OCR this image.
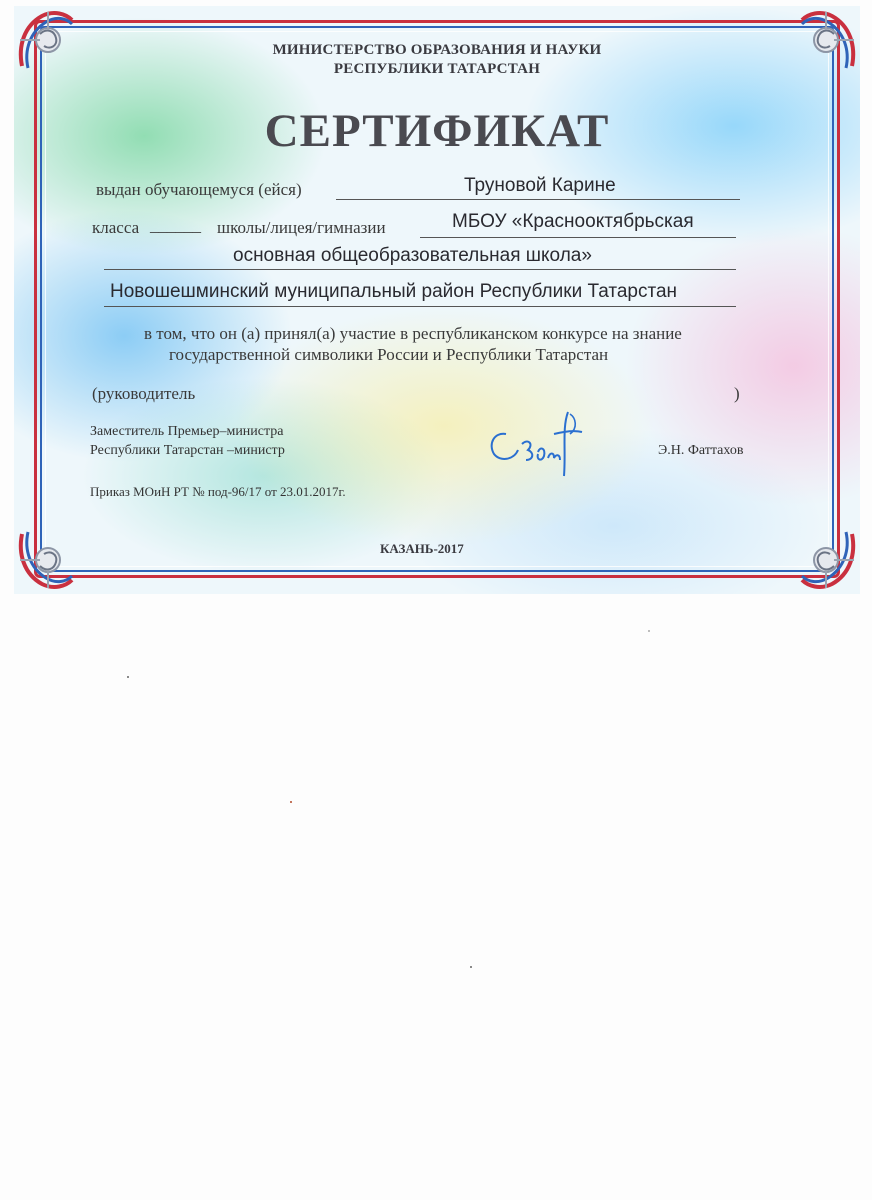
МИНИСТЕРСТВО ОБРАЗОВАНИЯ И НАУКИ
РЕСПУБЛИКИ ТАТАРСТАН
СЕРТИФИКАТ
выдан обучающемуся (ейся)	Труновой Карине
класса ______ школы/лицея/гимназии	МБОУ «Краснооктябрьская
основная общеобразовательная школа»
Новошешминский муниципальный район Республики Татарстан
в том, что он (а) принял(а) участие в республиканском конкурсе на знание
государственной символики России и Республики Татарстан
(руководитель	)
Заместитель Премьер–министра
Республики Татарстан –министр	Э.Н. Фаттахов
Приказ МОиН РТ № под-96/17 от 23.01.2017г.
КАЗАНЬ-2017
